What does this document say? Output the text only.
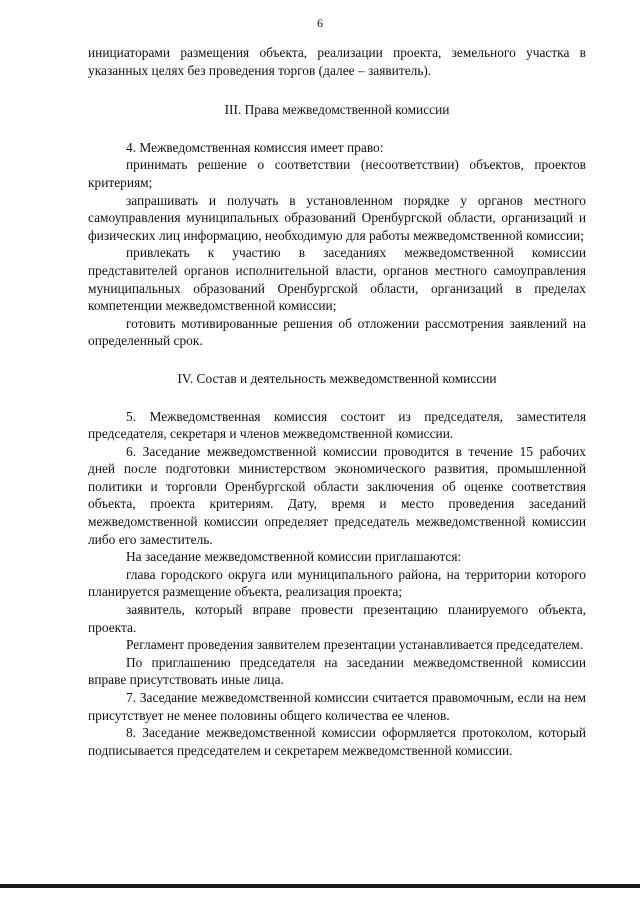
6

инициаторами размещения объекта, реализации проекта, земельного участка в указанных целях без проведения торгов (далее – заявитель).

III. Права межведомственной комиссии

4. Межведомственная комиссия имеет право:

принимать решение о соответствии (несоответствии) объектов, проектов критериям;

запрашивать и получать в установленном порядке у органов местного самоуправления муниципальных образований Оренбургской области, организаций и физических лиц информацию, необходимую для работы межведомственной комиссии;

привлекать к участию в заседаниях межведомственной комиссии представителей органов исполнительной власти, органов местного самоуправления муниципальных образований Оренбургской области, организаций в пределах компетенции межведомственной комиссии;

готовить мотивированные решения об отложении рассмотрения заявлений на определенный срок.

IV. Состав и деятельность межведомственной комиссии

5. Межведомственная комиссия состоит из председателя, заместителя председателя, секретаря и членов межведомственной комиссии.

6. Заседание межведомственной комиссии проводится в течение 15 рабочих дней после подготовки министерством экономического развития, промышленной политики и торговли Оренбургской области заключения об оценке соответствия объекта, проекта критериям. Дату, время и место проведения заседаний межведомственной комиссии определяет председатель межведомственной комиссии либо его заместитель.

На заседание межведомственной комиссии приглашаются:

глава городского округа или муниципального района, на территории которого планируется размещение объекта, реализация проекта;

заявитель, который вправе провести презентацию планируемого объекта, проекта.

Регламент проведения заявителем презентации устанавливается председателем.

По приглашению председателя на заседании межведомственной комиссии вправе присутствовать иные лица.

7. Заседание межведомственной комиссии считается правомочным, если на нем присутствует не менее половины общего количества ее членов.

8. Заседание межведомственной комиссии оформляется протоколом, который подписывается председателем и секретарем межведомственной комиссии.
